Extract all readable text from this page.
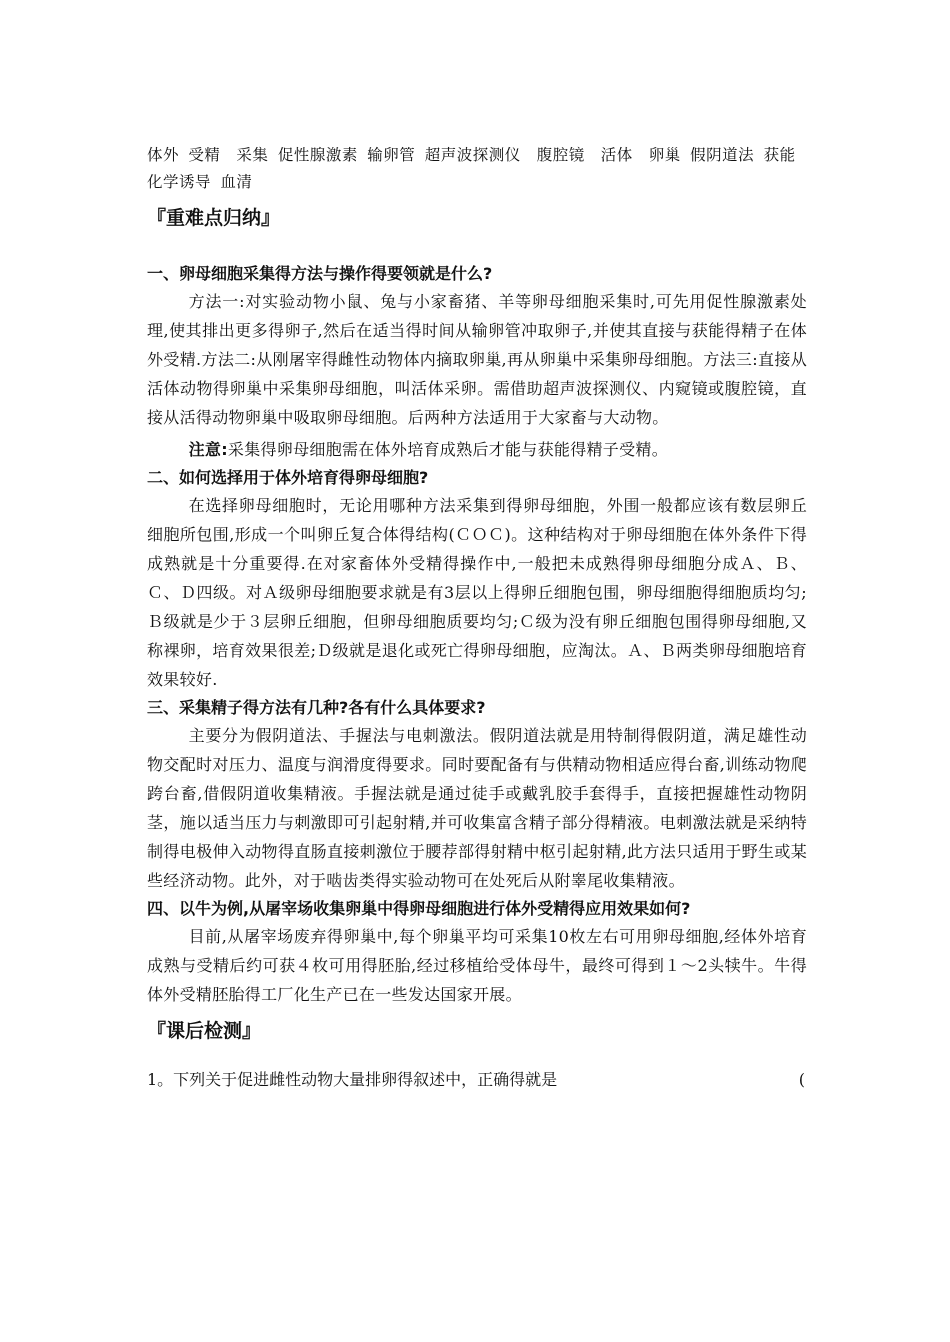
体外 受精　采集 促性腺激素 输卵管 超声波探测仪　腹腔镜　活体　卵巢 假阴道法 获能 化学诱导 血清

『重难点归纳』

一、卵母细胞采集得方法与操作得要领就是什么?

方法一:对实验动物小鼠、兔与小家畜猪、羊等卵母细胞采集时,可先用促性腺激素处理,使其排出更多得卵子,然后在适当得时间从输卵管冲取卵子,并使其直接与获能得精子在体外受精.方法二:从刚屠宰得雌性动物体内摘取卵巢,再从卵巢中采集卵母细胞。方法三:直接从活体动物得卵巢中采集卵母细胞，叫活体采卵。需借助超声波探测仪、内窥镜或腹腔镜，直接从活得动物卵巢中吸取卵母细胞。后两种方法适用于大家畜与大动物。

注意:采集得卵母细胞需在体外培育成熟后才能与获能得精子受精。

二、如何选择用于体外培育得卵母细胞?

在选择卵母细胞时，无论用哪种方法采集到得卵母细胞，外围一般都应该有数层卵丘细胞所包围,形成一个叫卵丘复合体得结构(ＣＯＣ)。这种结构对于卵母细胞在体外条件下得成熟就是十分重要得.在对家畜体外受精得操作中,一般把未成熟得卵母细胞分成Ａ、Ｂ、Ｃ、Ｄ四级。对Ａ级卵母细胞要求就是有3层以上得卵丘细胞包围，卵母细胞得细胞质均匀;Ｂ级就是少于３层卵丘细胞，但卵母细胞质要均匀;Ｃ级为没有卵丘细胞包围得卵母细胞,又称裸卵，培育效果很差;Ｄ级就是退化或死亡得卵母细胞，应淘汰。Ａ、Ｂ两类卵母细胞培育效果较好.

三、采集精子得方法有几种?各有什么具体要求?

主要分为假阴道法、手握法与电刺激法。假阴道法就是用特制得假阴道，满足雄性动物交配时对压力、温度与润滑度得要求。同时要配备有与供精动物相适应得台畜,训练动物爬跨台畜,借假阴道收集精液。手握法就是通过徒手或戴乳胶手套得手，直接把握雄性动物阴茎，施以适当压力与刺激即可引起射精,并可收集富含精子部分得精液。电刺激法就是采纳特制得电极伸入动物得直肠直接刺激位于腰荐部得射精中枢引起射精,此方法只适用于野生或某些经济动物。此外，对于啮齿类得实验动物可在处死后从附睾尾收集精液。

四、以牛为例,从屠宰场收集卵巢中得卵母细胞进行体外受精得应用效果如何?

目前,从屠宰场废弃得卵巢中,每个卵巢平均可采集10枚左右可用卵母细胞,经体外培育成熟与受精后约可获４枚可用得胚胎,经过移植给受体母牛，最终可得到１～2头犊牛。牛得体外受精胚胎得工厂化生产已在一些发达国家开展。

『课后检测』

1。下列关于促进雌性动物大量排卵得叙述中，正确得就是	(
